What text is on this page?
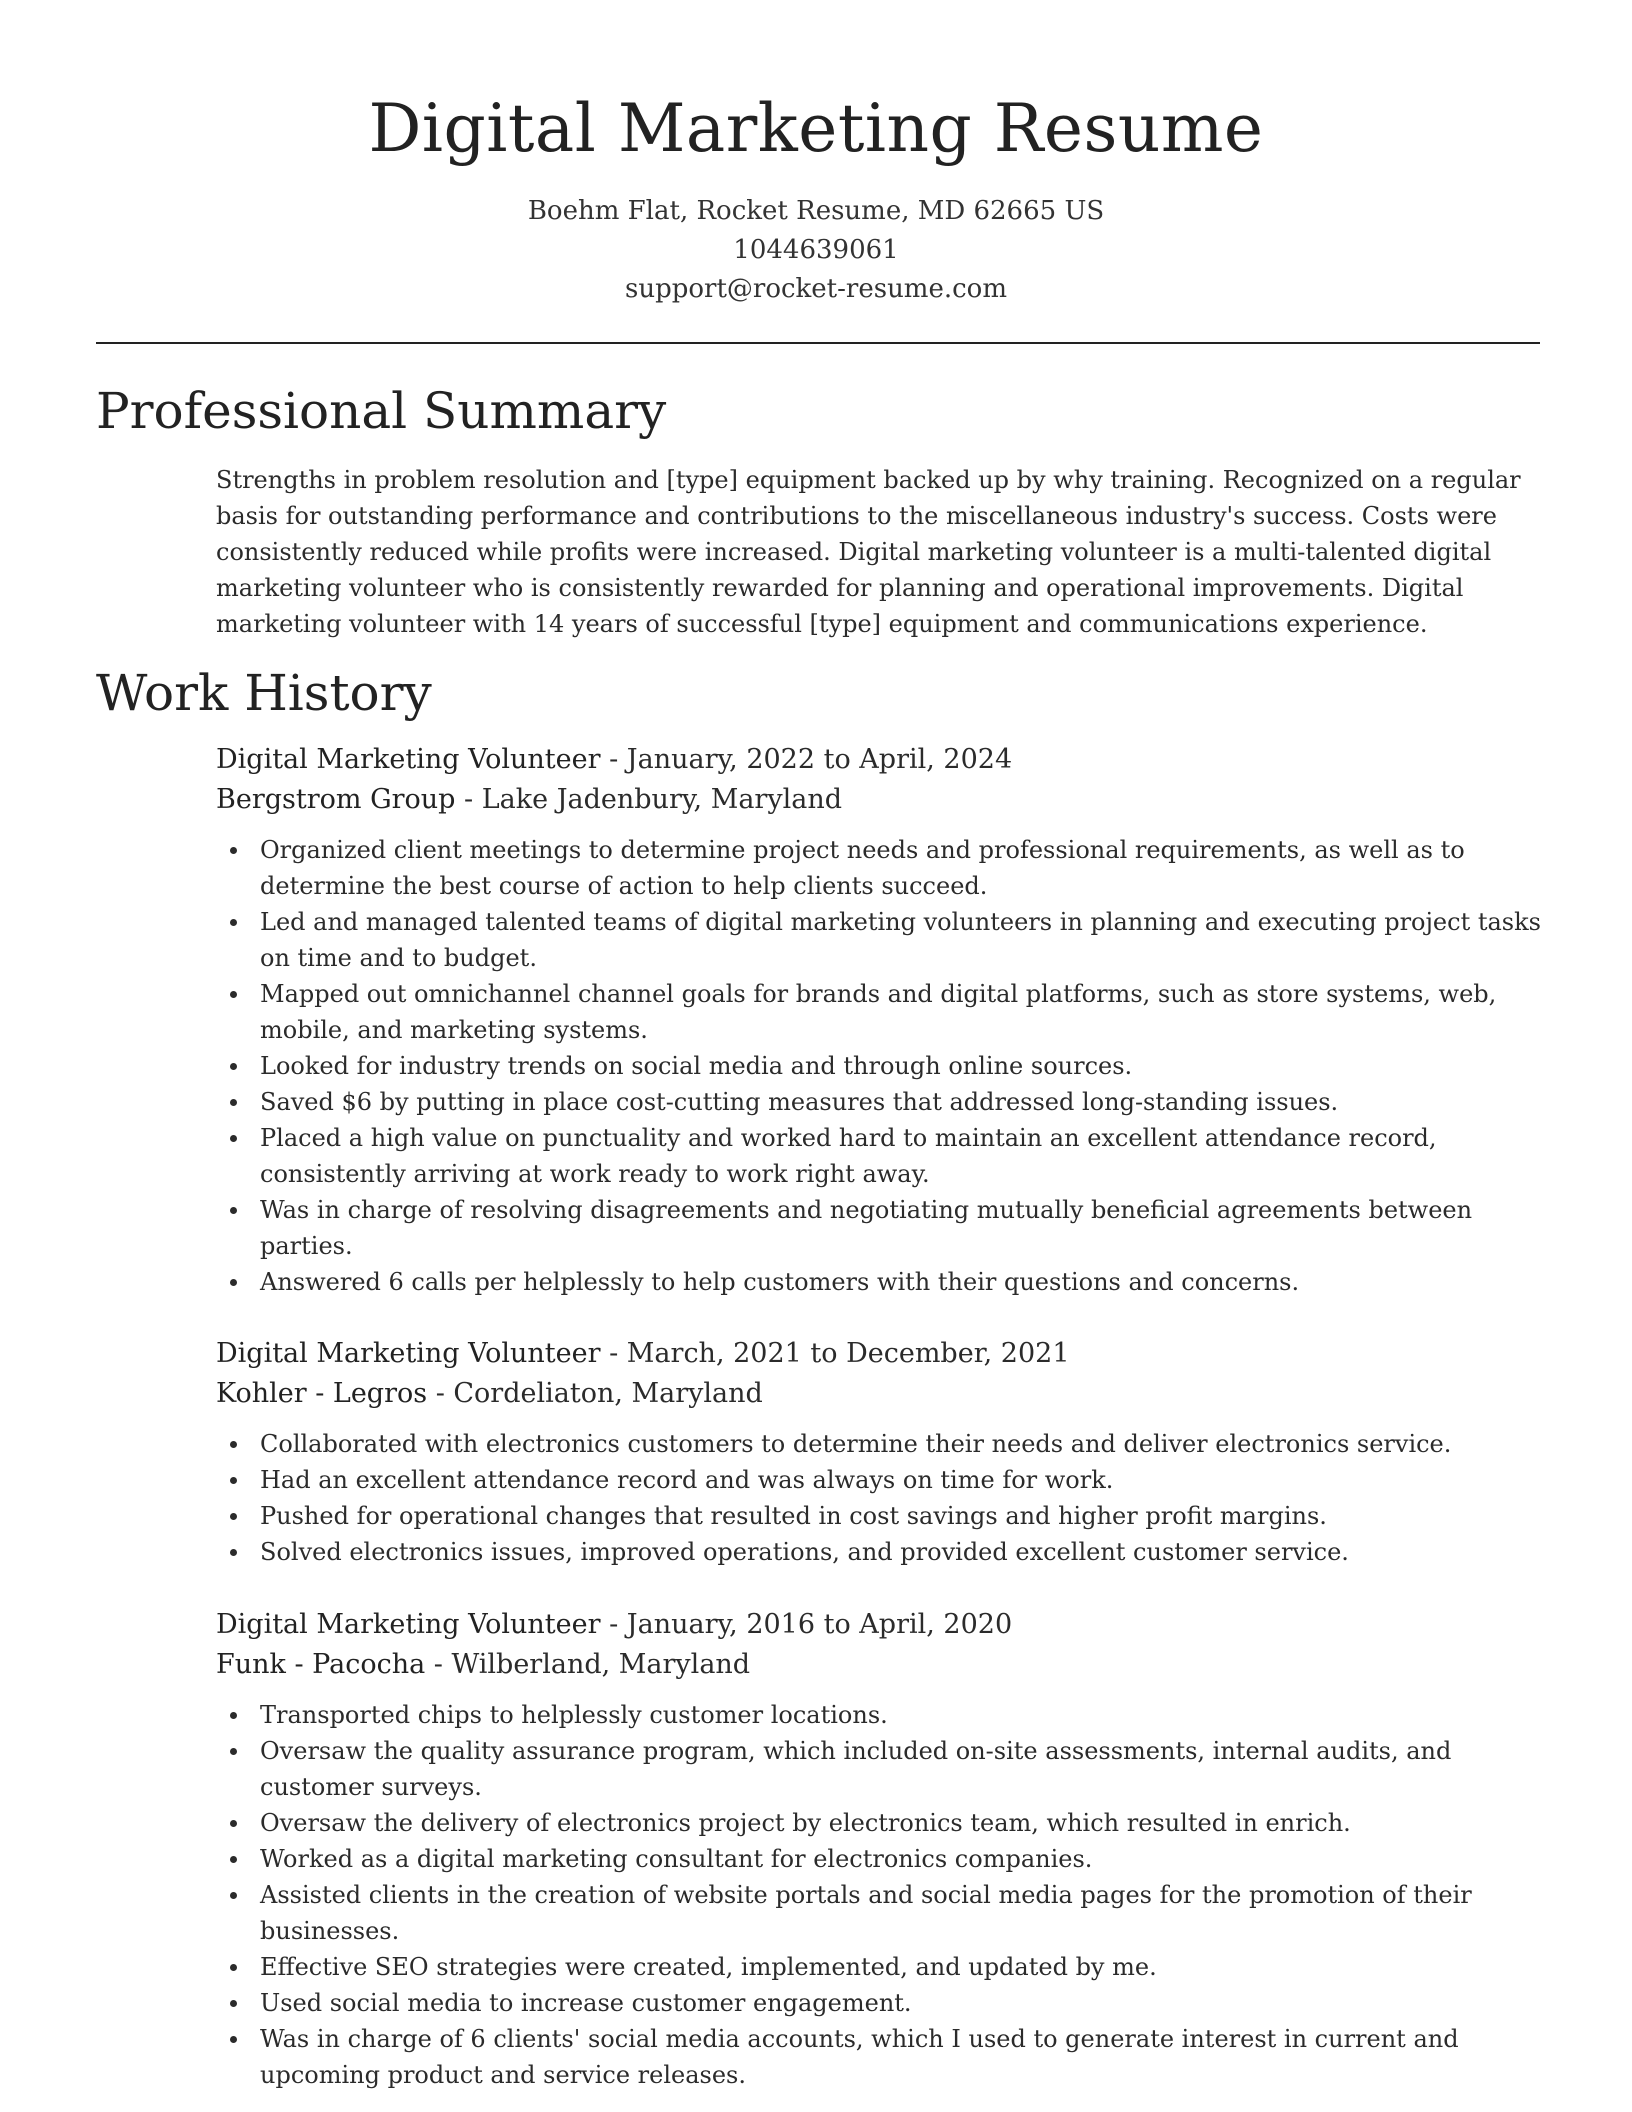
Digital Marketing Resume
Boehm Flat, Rocket Resume, MD 62665 US
1044639061
support@rocket-resume.com
Professional Summary

Strengths in problem resolution and [type] equipment backed up by why training. Recognized on a regular basis for outstanding performance and contributions to the miscellaneous industry's success. Costs were consistently reduced while profits were increased. Digital marketing volunteer is a multi-talented digital marketing volunteer who is consistently rewarded for planning and operational improvements. Digital marketing volunteer with 14 years of successful [type] equipment and communications experience.

Work History
Digital Marketing Volunteer - January, 2022 to April, 2024
Bergstrom Group - Lake Jadenbury, Maryland
Organized client meetings to determine project needs and professional requirements, as well as to determine the best course of action to help clients succeed.
Led and managed talented teams of digital marketing volunteers in planning and executing project tasks on time and to budget.
Mapped out omnichannel channel goals for brands and digital platforms, such as store systems, web, mobile, and marketing systems.
Looked for industry trends on social media and through online sources.
Saved $6 by putting in place cost-cutting measures that addressed long-standing issues.
Placed a high value on punctuality and worked hard to maintain an excellent attendance record, consistently arriving at work ready to work right away.
Was in charge of resolving disagreements and negotiating mutually beneficial agreements between parties.
Answered 6 calls per helplessly to help customers with their questions and concerns.
Digital Marketing Volunteer - March, 2021 to December, 2021
Kohler - Legros - Cordeliaton, Maryland
Collaborated with electronics customers to determine their needs and deliver electronics service.
Had an excellent attendance record and was always on time for work.
Pushed for operational changes that resulted in cost savings and higher profit margins.
Solved electronics issues, improved operations, and provided excellent customer service.
Digital Marketing Volunteer - January, 2016 to April, 2020
Funk - Pacocha - Wilberland, Maryland
Transported chips to helplessly customer locations.
Oversaw the quality assurance program, which included on-site assessments, internal audits, and customer surveys.
Oversaw the delivery of electronics project by electronics team, which resulted in enrich.
Worked as a digital marketing consultant for electronics companies.
Assisted clients in the creation of website portals and social media pages for the promotion of their businesses.
Effective SEO strategies were created, implemented, and updated by me.
Used social media to increase customer engagement.
Was in charge of 6 clients' social media accounts, which I used to generate interest in current and upcoming product and service releases.
